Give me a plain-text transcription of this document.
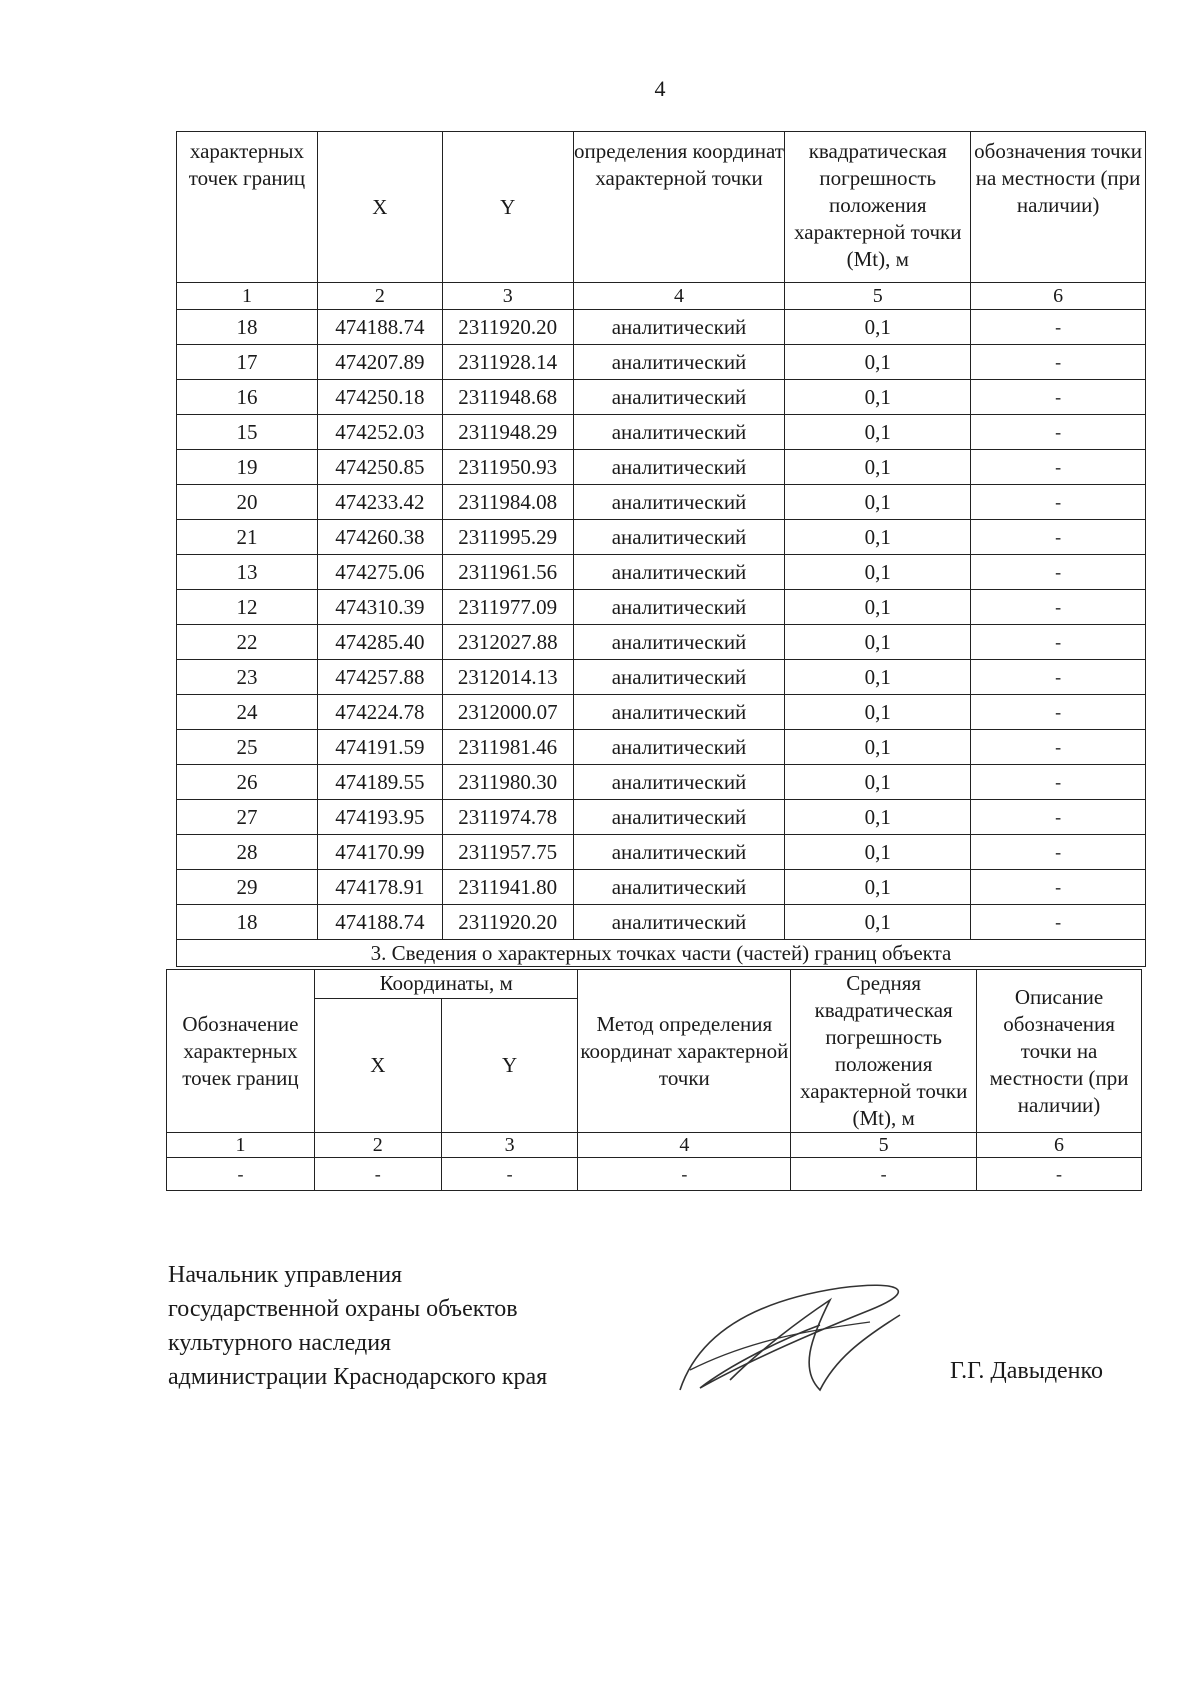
4
характерных точек границ	X	Y	определения координат характерной точки	квадратическая погрешность положения характерной точки (Mt), м	обозначения точки на местности (при наличии)
1	2	3	4	5	6
18	474188.74	2311920.20	аналитический	0,1	-
17	474207.89	2311928.14	аналитический	0,1	-
16	474250.18	2311948.68	аналитический	0,1	-
15	474252.03	2311948.29	аналитический	0,1	-
19	474250.85	2311950.93	аналитический	0,1	-
20	474233.42	2311984.08	аналитический	0,1	-
21	474260.38	2311995.29	аналитический	0,1	-
13	474275.06	2311961.56	аналитический	0,1	-
12	474310.39	2311977.09	аналитический	0,1	-
22	474285.40	2312027.88	аналитический	0,1	-
23	474257.88	2312014.13	аналитический	0,1	-
24	474224.78	2312000.07	аналитический	0,1	-
25	474191.59	2311981.46	аналитический	0,1	-
26	474189.55	2311980.30	аналитический	0,1	-
27	474193.95	2311974.78	аналитический	0,1	-
28	474170.99	2311957.75	аналитический	0,1	-
29	474178.91	2311941.80	аналитический	0,1	-
18	474188.74	2311920.20	аналитический	0,1	-
3. Сведения о характерных точках части (частей) границ объекта					
Обозначение характерных точек границ	Координаты, м		Метод определения координат характерной точки	Средняя квадратическая погрешность положения характерной точки (Mt), м	Описание обозначения точки на местности (при наличии)
	X	Y			
1	2	3	4	5	6
-	-	-	-	-	-
Начальник управления
государственной охраны объектов
культурного наследия
администрации Краснодарского края	Г.Г. Давыденко
